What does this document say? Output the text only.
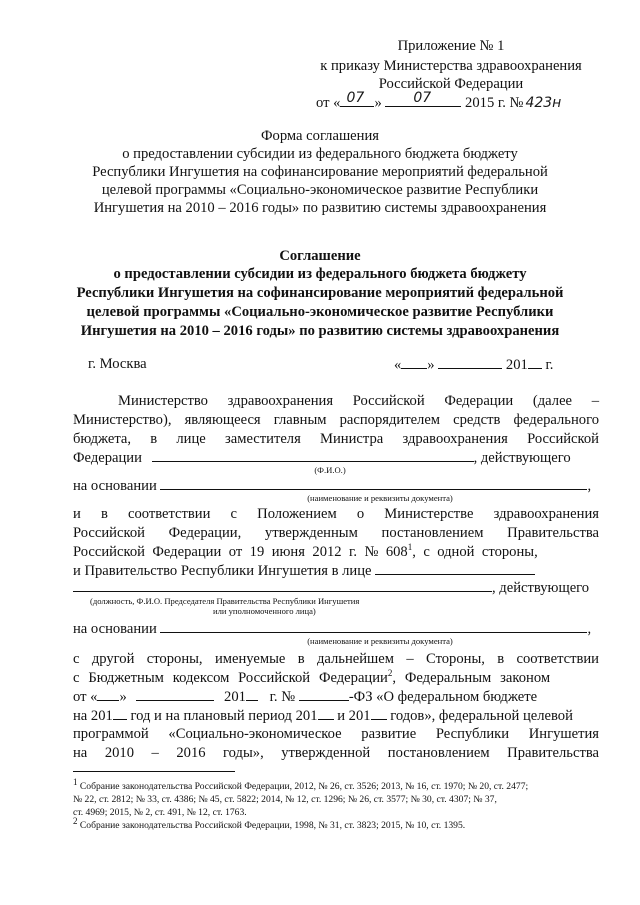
Приложение № 1
к приказу Министерства здравоохранения
Российской Федерации
от « 07 » 07 2015 г. № 423н
Форма соглашения
о предоставлении субсидии из федерального бюджета бюджету
Республики Ингушетия на софинансирование мероприятий федеральной
целевой программы «Социально-экономическое развитие Республики
Ингушетия на 2010 – 2016 годы» по развитию системы здравоохранения
Соглашение
о предоставлении субсидии из федерального бюджета бюджету
Республики Ингушетия на софинансирование мероприятий федеральной
целевой программы «Социально-экономическое развитие Республики
Ингушетия на 2010 – 2016 годы» по развитию системы здравоохранения
г. Москва	« »	201 г.
Министерство здравоохранения Российской Федерации (далее –
Министерство), являющееся главным распорядителем средств федерального
бюджета, в лице заместителя Министра здравоохранения Российской
Федерации	, действующего
(Ф.И.О.)
на основании	,
(наименование и реквизиты документа)
и в соответствии с Положением о Министерстве здравоохранения
Российской Федерации, утвержденным постановлением Правительства
Российской Федерации от 19 июня 2012 г. № $608^1$, с одной стороны,
и Правительство Республики Ингушетия в лице
, действующего
(должность, Ф.И.О. Председателя Правительства Республики Ингушетия
или уполномоченного лица)
на основании	,
(наименование и реквизиты документа)
с другой стороны, именуемые в дальнейшем – Стороны, в соответствии
с Бюджетным кодексом Российской Федерации$^2$, Федеральным законом
от « »	201 г. №	-ФЗ «О федеральном бюджете
на 201 год и на плановый период 201 и 201 годов», федеральной целевой
программой «Социально-экономическое развитие Республики Ингушетия
на 2010 – 2016 годы», утвержденной постановлением Правительства
$^1$ Собрание законодательства Российской Федерации, 2012, № 26, ст. 3526; 2013, № 16, ст. 1970; № 20, ст. 2477;
№ 22, ст. 2812; № 33, ст. 4386; № 45, ст. 5822; 2014, № 12, ст. 1296; № 26, ст. 3577; № 30, ст. 4307; № 37,
ст. 4969; 2015, № 2, ст. 491, № 12, ст. 1763.
$^2$ Собрание законодательства Российской Федерации, 1998, № 31, ст. 3823; 2015, № 10, ст. 1395.
